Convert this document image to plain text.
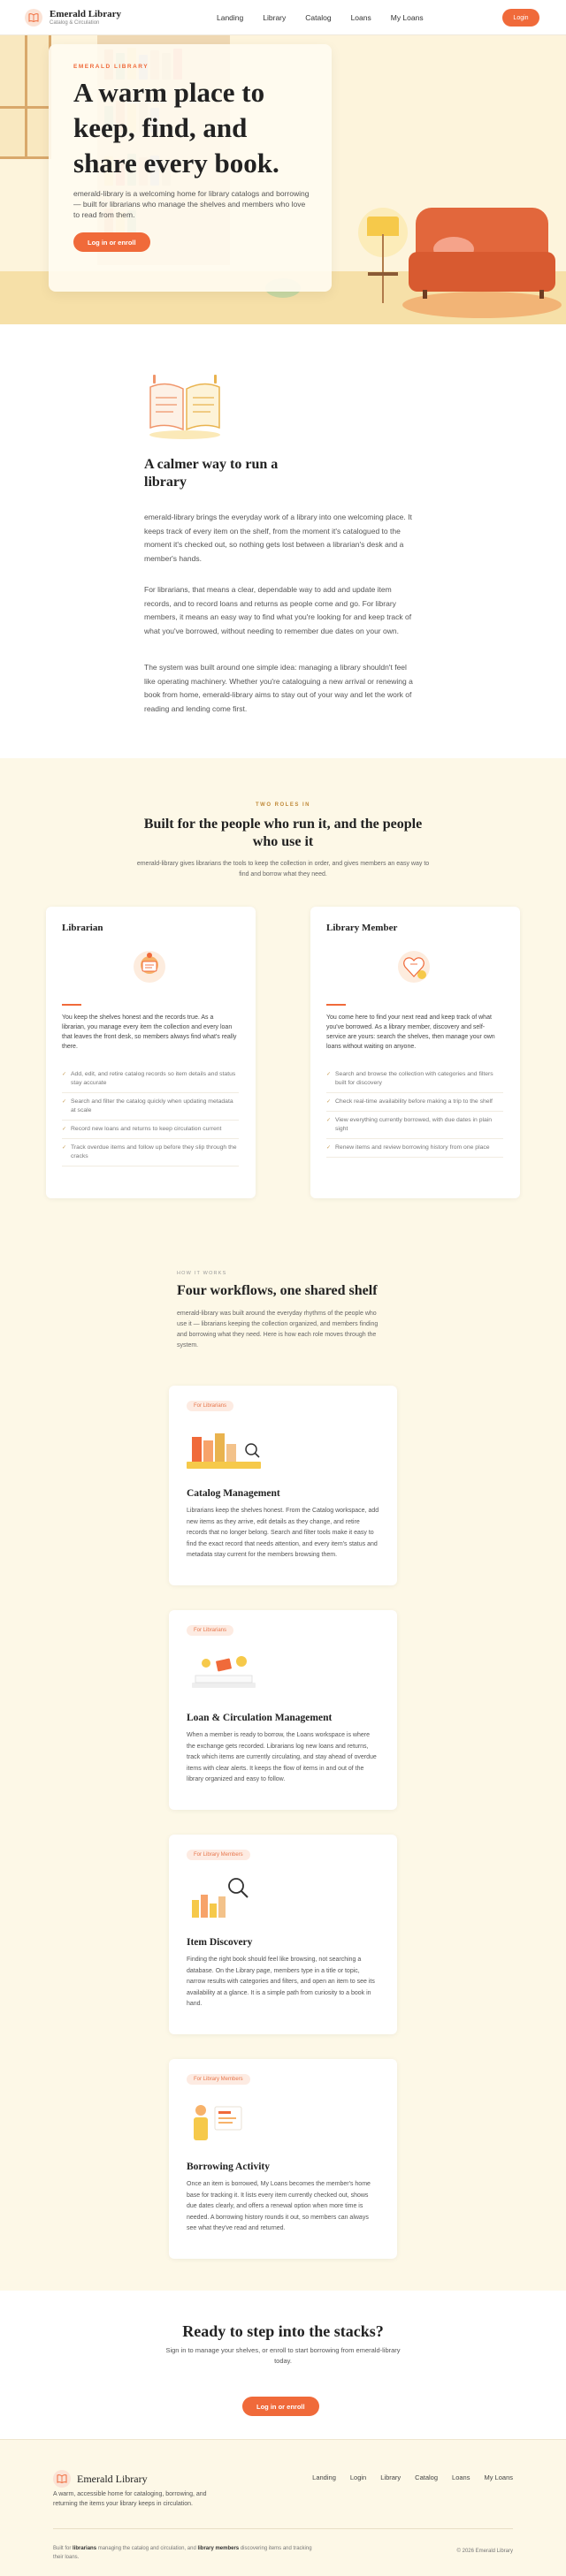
Emerald Library
Catalog & Circulation
Landing	Library	Catalog	Loans	My Loans	Login
EMERALD LIBRARY
A warm place to keep, find, and share every book.
emerald-library is a welcoming home for library catalogs and borrowing — built for librarians who manage the shelves and members who love to read from them.
Log in or enroll
A calmer way to run a library
emerald-library brings the everyday work of a library into one welcoming place. It keeps track of every item on the shelf, from the moment it's catalogued to the moment it's checked out, so nothing gets lost between a librarian's desk and a member's hands.
For librarians, that means a clear, dependable way to add and update item records, and to record loans and returns as people come and go. For library members, it means an easy way to find what you're looking for and keep track of what you've borrowed, without needing to remember due dates on your own.
The system was built around one simple idea: managing a library shouldn't feel like operating machinery. Whether you're cataloguing a new arrival or renewing a book from home, emerald-library aims to stay out of your way and let the work of reading and lending come first.
TWO ROLES IN
Built for the people who run it, and the people who use it
emerald-library gives librarians the tools to keep the collection in order, and gives members an easy way to find and borrow what they need.
Librarian
You keep the shelves honest and the records true. As a librarian, you manage every item the collection and every loan that leaves the front desk, so members always find what's really there.
✓ Add, edit, and retire catalog records so item details and status stay accurate
✓ Search and filter the catalog quickly when updating metadata at scale
✓ Record new loans and returns to keep circulation current
✓ Track overdue items and follow up before they slip through the cracks
Library Member
You come here to find your next read and keep track of what you've borrowed. As a library member, discovery and self-service are yours: search the shelves, then manage your own loans without waiting on anyone.
✓ Search and browse the collection with categories and filters built for discovery
✓ Check real-time availability before making a trip to the shelf
✓ View everything currently borrowed, with due dates in plain sight
✓ Renew items and review borrowing history from one place
HOW IT WORKS
Four workflows, one shared shelf
emerald-library was built around the everyday rhythms of the people who use it — librarians keeping the collection organized, and members finding and borrowing what they need. Here is how each role moves through the system.
For Librarians
Catalog Management
Librarians keep the shelves honest. From the Catalog workspace, add new items as they arrive, edit details as they change, and retire records that no longer belong. Search and filter tools make it easy to find the exact record that needs attention, and every item's status and metadata stay current for the members browsing them.
For Librarians
Loan & Circulation Management
When a member is ready to borrow, the Loans workspace is where the exchange gets recorded. Librarians log new loans and returns, track which items are currently circulating, and stay ahead of overdue items with clear alerts. It keeps the flow of items in and out of the library organized and easy to follow.
For Library Members
Item Discovery
Finding the right book should feel like browsing, not searching a database. On the Library page, members type in a title or topic, narrow results with categories and filters, and open an item to see its availability at a glance. It is a simple path from curiosity to a book in hand.
For Library Members
Borrowing Activity
Once an item is borrowed, My Loans becomes the member's home base for tracking it. It lists every item currently checked out, shows due dates clearly, and offers a renewal option when more time is needed. A borrowing history rounds it out, so members can always see what they've read and returned.
Ready to step into the stacks?
Sign in to manage your shelves, or enroll to start borrowing from emerald-library today.
Log in or enroll
Emerald Library
A warm, accessible home for cataloging, borrowing, and returning the items your library keeps in circulation.
Landing Login Library Catalog Loans My Loans
Built for librarians managing the catalog and circulation, and library members discovering items and tracking their loans.
© 2026 Emerald Library
